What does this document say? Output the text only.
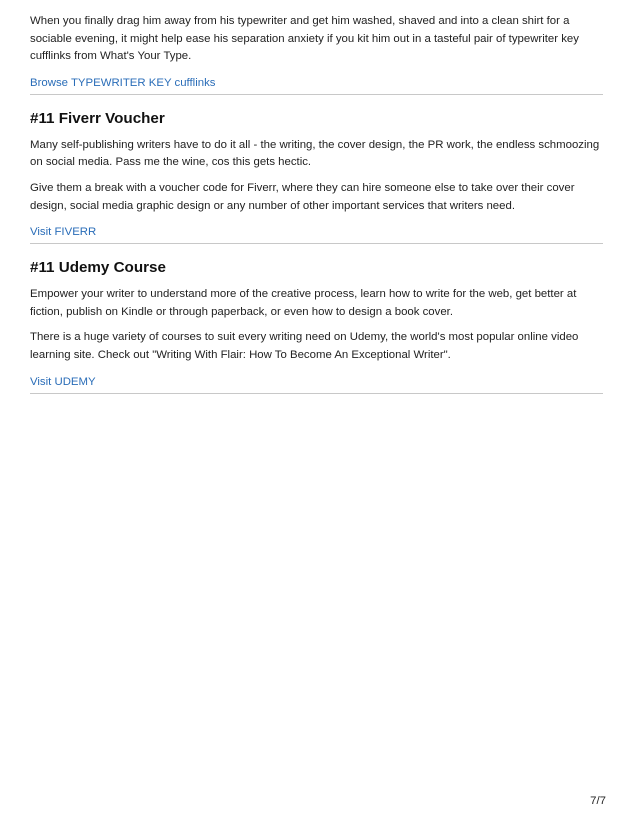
When you finally drag him away from his typewriter and get him washed, shaved and into a clean shirt for a sociable evening, it might help ease his separation anxiety if you kit him out in a tasteful pair of typewriter key cufflinks from What's Your Type.

Browse TYPEWRITER KEY cufflinks
#11 Fiverr Voucher

Many self-publishing writers have to do it all - the writing, the cover design, the PR work, the endless schmoozing on social media. Pass me the wine, cos this gets hectic.

Give them a break with a voucher code for Fiverr, where they can hire someone else to take over their cover design, social media graphic design or any number of other important services that writers need.

Visit FIVERR
#11 Udemy Course

Empower your writer to understand more of the creative process, learn how to write for the web, get better at fiction, publish on Kindle or through paperback, or even how to design a book cover.

There is a huge variety of courses to suit every writing need on Udemy, the world's most popular online video learning site. Check out "Writing With Flair: How To Become An Exceptional Writer".

Visit UDEMY
7/7
